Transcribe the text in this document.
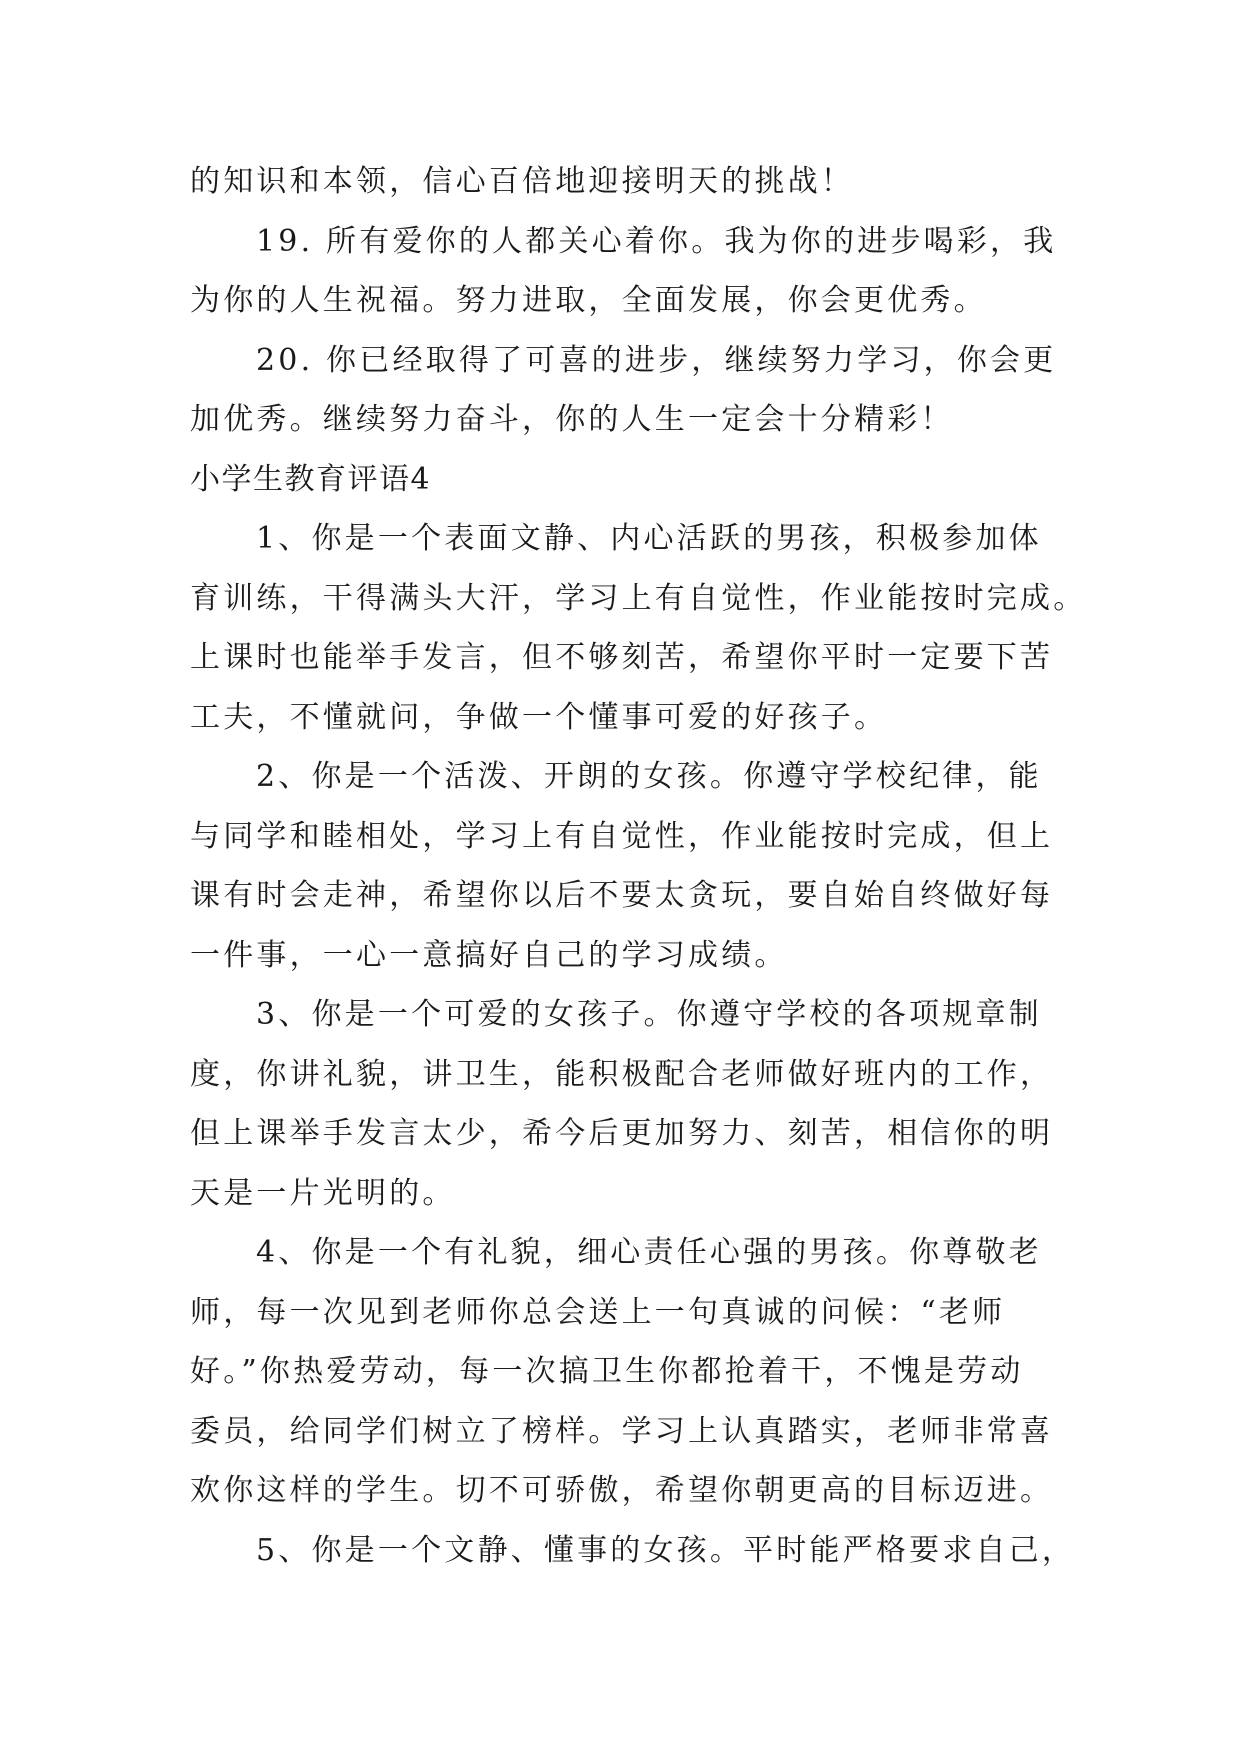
的知识和本领，信心百倍地迎接明天的挑战！
19. 所有爱你的人都关心着你。我为你的进步喝彩，我
为你的人生祝福。努力进取，全面发展，你会更优秀。
20. 你已经取得了可喜的进步，继续努力学习，你会更
加优秀。继续努力奋斗，你的人生一定会十分精彩！
小学生教育评语4
1、你是一个表面文静、内心活跃的男孩，积极参加体
育训练，干得满头大汗，学习上有自觉性，作业能按时完成。
上课时也能举手发言，但不够刻苦，希望你平时一定要下苦
工夫，不懂就问，争做一个懂事可爱的好孩子。
2、你是一个活泼、开朗的女孩。你遵守学校纪律，能
与同学和睦相处，学习上有自觉性，作业能按时完成，但上
课有时会走神，希望你以后不要太贪玩，要自始自终做好每
一件事，一心一意搞好自己的学习成绩。
3、你是一个可爱的女孩子。你遵守学校的各项规章制
度，你讲礼貌，讲卫生，能积极配合老师做好班内的工作，
但上课举手发言太少，希今后更加努力、刻苦，相信你的明
天是一片光明的。
4、你是一个有礼貌，细心责任心强的男孩。你尊敬老
师，每一次见到老师你总会送上一句真诚的问候：“老师
好。”你热爱劳动，每一次搞卫生你都抢着干，不愧是劳动
委员，给同学们树立了榜样。学习上认真踏实，老师非常喜
欢你这样的学生。切不可骄傲，希望你朝更高的目标迈进。
5、你是一个文静、懂事的女孩。平时能严格要求自己，
